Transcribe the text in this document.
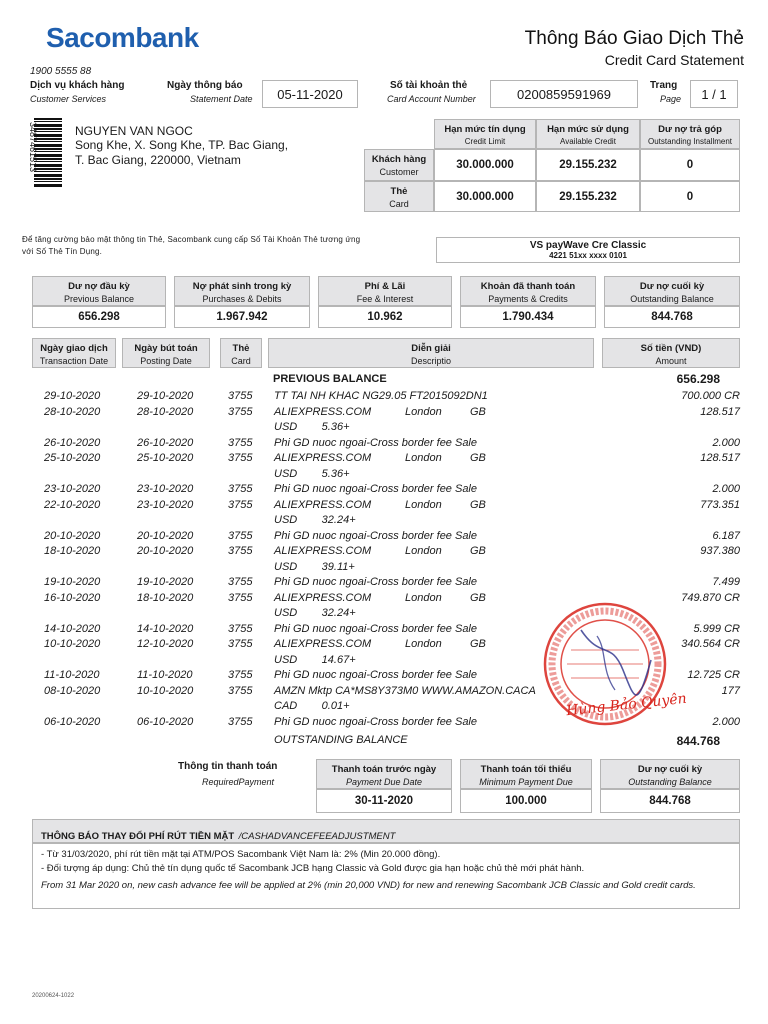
Sacombank	Thông Báo Giao Dịch Thẻ
Credit Card Statement
1900 5555 88
Dịch vụ khách hàng
Customer Services
Ngày thông báo
Statement Date	05-11-2020
Số tài khoản thẻ
Card Account Number	0200859591969
Trang
Page	1 / 1
3487461513	NGUYEN VAN NGOC
Song Khe, X. Song Khe, TP. Bac Giang,
T. Bac Giang, 220000, Vietnam
Hạn mức tín dụng
Credit Limit
Hạn mức sử dụng
Available Credit
Dư nợ trả góp
Outstanding Installment
Khách hàng
Customer
30.000.000	29.155.232	0
Thẻ
Card
30.000.000	29.155.232	0
Để tăng cường bảo mật thông tin Thẻ, Sacombank cung cấp Số Tài Khoản Thẻ tương ứng với Số Thẻ Tín Dụng.
VS payWave Cre Classic
4221 51xx xxxx 0101
Dư nợ đầu kỳ
Previous Balance
656.298
Nợ phát sinh trong kỳ
Purchases & Debits
1.967.942
Phí & Lãi
Fee & Interest
10.962
Khoản đã thanh toán
Payments & Credits
1.790.434
Dư nợ cuối kỳ
Outstanding Balance
844.768
Ngày giao dịch
Transaction Date
Ngày bút toán
Posting Date
Thẻ
Card
Diễn giải
Descriptio
Số tiền (VND)
Amount
PREVIOUS BALANCE	656.298
29-10-2020	29-10-2020	3755 TT TAI NH KHAC NG29.05 FT2015092DN1	700.000 CR
28-10-2020	28-10-2020	3755 ALIEXPRESS.COM	London	GB	128.517
USD        5.36+
26-10-2020	26-10-2020	3755 Phi GD nuoc ngoai-Cross border fee Sale	2.000
25-10-2020	25-10-2020	3755 ALIEXPRESS.COM	London	GB	128.517
USD        5.36+
23-10-2020	23-10-2020	3755 Phi GD nuoc ngoai-Cross border fee Sale	2.000
22-10-2020	23-10-2020	3755 ALIEXPRESS.COM	London	GB	773.351
USD        32.24+
20-10-2020	20-10-2020	3755 Phi GD nuoc ngoai-Cross border fee Sale	6.187
18-10-2020	20-10-2020	3755 ALIEXPRESS.COM	London	GB	937.380
USD        39.11+
19-10-2020	19-10-2020	3755 Phi GD nuoc ngoai-Cross border fee Sale	7.499
16-10-2020	18-10-2020	3755 ALIEXPRESS.COM	London	GB	749.870 CR
USD        32.24+
14-10-2020	14-10-2020	3755 Phi GD nuoc ngoai-Cross border fee Sale	5.999 CR
10-10-2020	12-10-2020	3755 ALIEXPRESS.COM	London	GB	340.564 CR
USD        14.67+
11-10-2020	11-10-2020	3755 Phi GD nuoc ngoai-Cross border fee Sale	12.725 CR
08-10-2020	10-10-2020	3755 AMZN Mktp CA*MS8Y373M0 WWW.AMAZON.CACA	177
CAD        0.01+
06-10-2020	06-10-2020	3755 Phi GD nuoc ngoai-Cross border fee Sale	2.000
Hùng Bảo Quyên
OUTSTANDING BALANCE	844.768
Thông tin thanh toán
RequiredPayment
Thanh toán trước ngày
Payment Due Date
30-11-2020
Thanh toán tối thiểu
Minimum Payment Due
100.000
Dư nợ cuối kỳ
Outstanding Balance
844.768
THÔNG BÁO THAY ĐỔI PHÍ RÚT TIỀN MẶT /CASHADVANCEFEEADJUSTMENT
- Từ 31/03/2020, phí rút tiền mặt tại ATM/POS Sacombank Việt Nam là: 2% (Min 20.000 đồng).
- Đối tượng áp dụng: Chủ thẻ tín dụng quốc tế Sacombank JCB hạng Classic và Gold được gia hạn hoặc chủ thẻ mới phát hành.
From 31 Mar 2020 on, new cash advance fee will be applied at 2% (min 20,000 VND) for new and renewing Sacombank JCB Classic and Gold credit cards.
20200624-1022
